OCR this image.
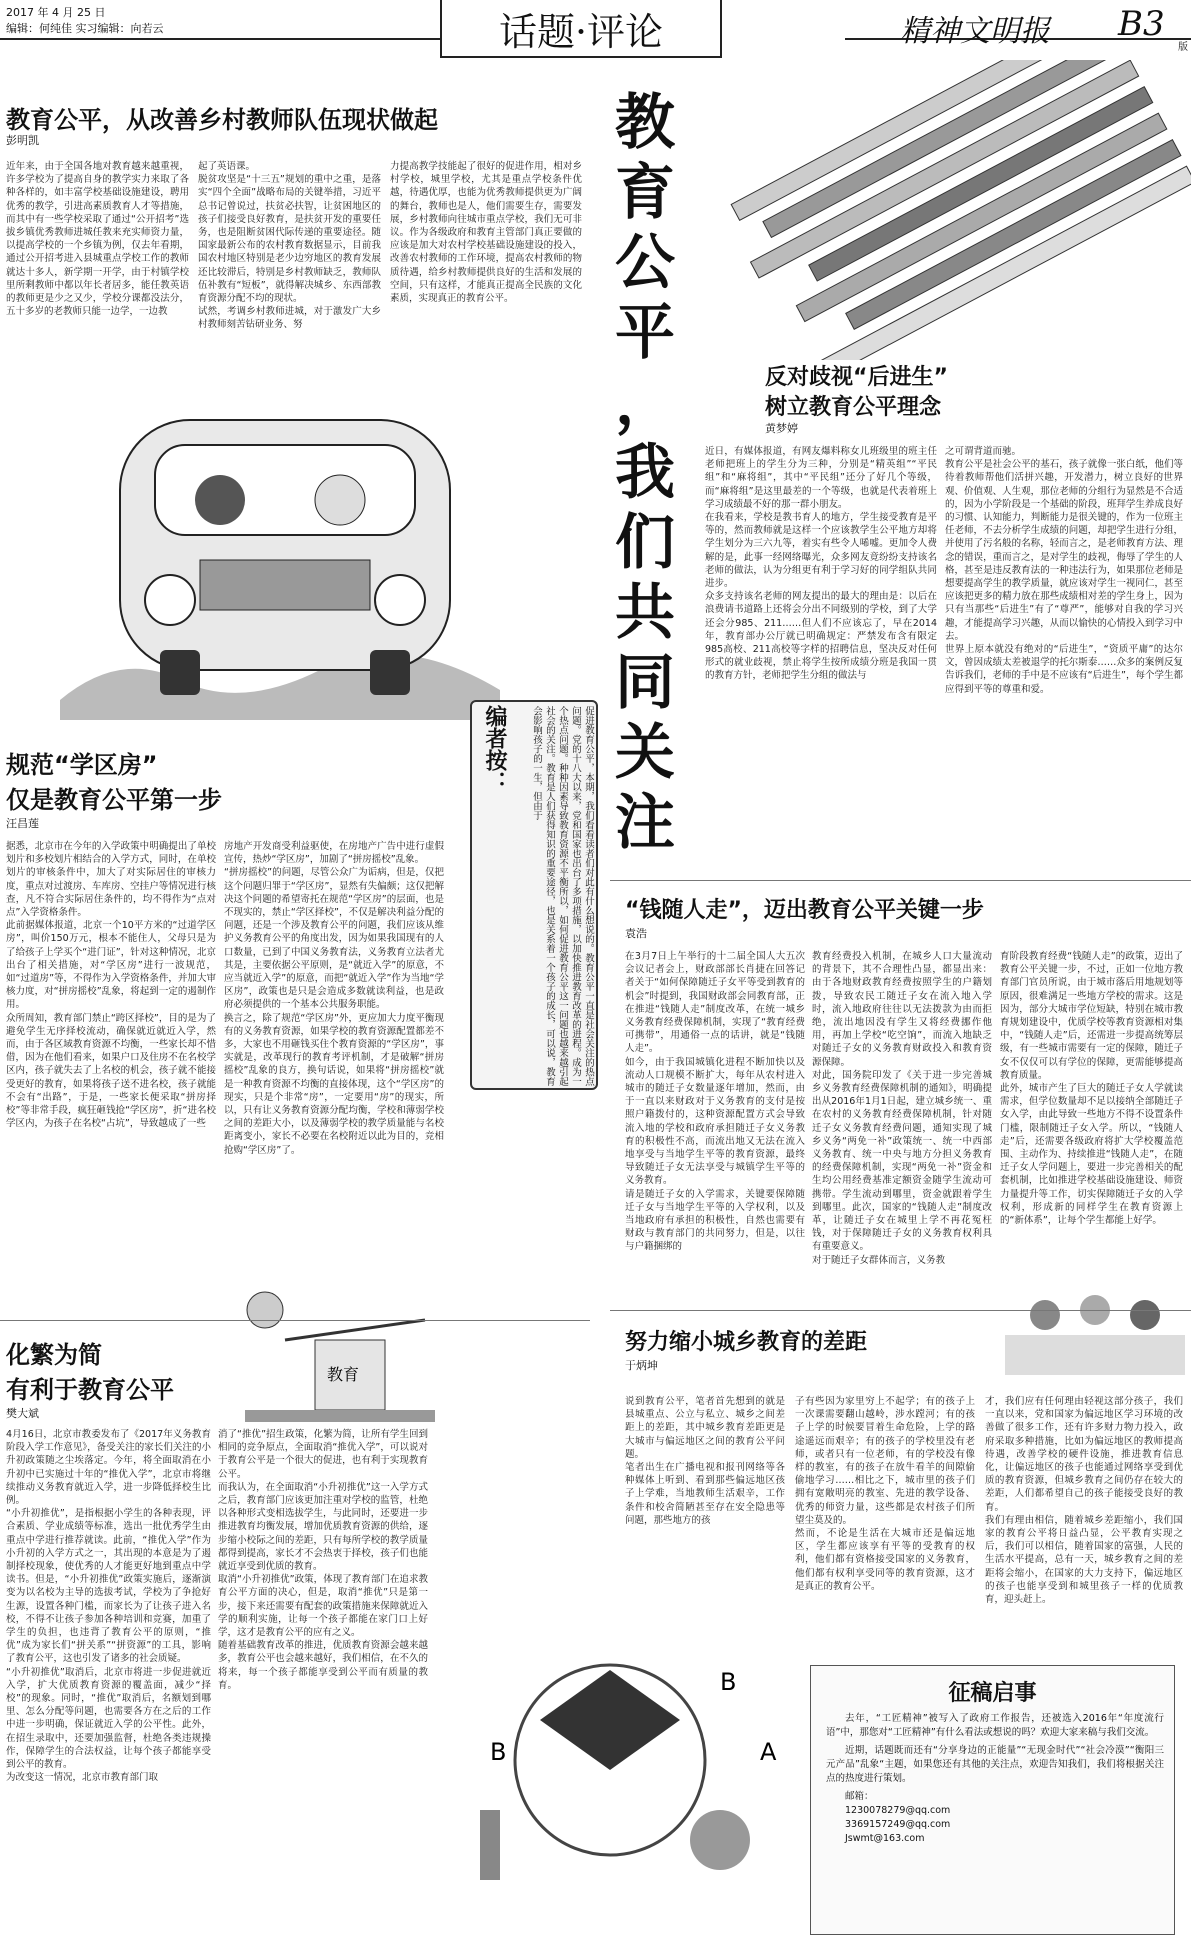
2017 年 4 月 25 日
编辑：何纯佳 实习编辑：向若云	话题·评论	精神文明报 B3
版
教
育
公
平
，
我
们
共
同
关
注
教育公平，从改善乡村教师队伍现状做起
彭明凯
近年来，由于全国各地对教育越来越重视，许多学校为了提高自身的教学实力来取了各种各样的，如丰富学校基础设施建设，聘用优秀的教学，引进高素质教育人才等措施，而其中有一些学校采取了通过“公开招考”选拔乡镇优秀教师进城任教来充实师资力量，以提高学校的一个乡镇为例，仅去年看期，通过公开招考进入县城重点学校工作的教师就达十多人，新学期一开学，由于村镇学校里所剩教师中都以年长者居多，能任教英语的教师更是少之又少，学校分课都没法分，五十多岁的老教师只能一边学，一边教
起了英语课。
脱贫攻坚是“十三五”规划的重中之重，是落实“四个全面”战略布局的关键举措，习近平总书记曾说过，扶贫必扶智，让贫困地区的孩子们接受良好教育，是扶贫开发的重要任务，也是阻断贫困代际传递的重要途径。随国家最新公布的农村教育数据显示，目前我国农村地区特别是老少边穷地区的教育发展还比较滞后，特别是乡村教师缺乏，教师队伍补教有“短板”，就得解决城乡、东西部教育资源分配不均的现状。
试然，考调乡村教师进城，对于激发广大乡村教师刻苦钻研业务、努
力提高教学技能起了很好的促进作用，相对乡村学校，城里学校，尤其是重点学校条件优越，待遇优厚，也能为优秀教师提供更为广阔的舞台，教师也是人，他们需要生存，需要发展，乡村教师向往城市重点学校，我们无可非议。作为各级政府和教育主管部门真正要做的应该是加大对农村学校基础设施建设的投入，改善农村教师的工作环境，提高农村教师的物质待遇，给乡村教师提供良好的生活和发展的空间，只有这样，才能真正提高全民族的文化素质，实现真正的教育公平。
编者按：	促进教育公平，本期，我们看看读者们对此有什么想说的。教育公平一直是社会关注的热点问题。党的十八大以来，党和国家也出台了多项措施，以加快推进教育改革的进程。成为一个热点问题。种种因素导致教育资源不平衡所以，如何促进教育公平这一问题也越来越引起社会的关注。教育是人们获得知识的重要途径，也是关系着一个孩子的成长，可以说，教育会影响孩子的一生，但由于
反对歧视“后进生”
树立教育公平理念
黄梦婷
近日，有媒体报道，有网友爆料称女儿班级里的班主任老师把班上的学生分为三种，分别是“精英组”“平民组”和“麻将组”，其中“平民组”还分了好几个等级，而“麻将组”是这里最差的一个等级，也就是代表着班上学习成绩最不好的那一群小朋友。
在我看来，学校是教书育人的地方，学生接受教育是平等的，然而教师就是这样一个应该教学生公平地方却将学生划分为三六九等，着实有些令人唏嘘。更加令人费解的是，此事一经网络曝光，众多网友竟纷纷支持该名老师的做法，认为分组更有利于学习好的同学组队共同进步。
众多支持该名老师的网友提出的最大的理由是：以后在浪费请书道路上还将会分出不同级别的学校，到了大学还会分985、211……但人们不应该忘了，早在2014年，教育部办公厅就已明确规定：严禁发布含有限定985高校、211高校等字样的招聘信息，坚决反对任何形式的就业歧视，禁止将学生按所成绩分班是我国一贯的教育方针，老师把学生分组的做法与
之可谓背道而驰。
教育公平是社会公平的基石，孩子就像一张白纸，他们等待着教师帮他们活拼兴趣，开发潜力，树立良好的世界观、价值观、人生观，那位老师的分组行为显然是不合适的，因为小学阶段是一个基础的阶段，班拜学生养成良好的习惯、认知能力，判断能力是很关键的，作为一位班主任老师，不去分析学生成绩的问题，却把学生进行分组，并使用了污名般的名称，轻而言之，是老师教育方法、理念的错误，重而言之，是对学生的歧视，侮辱了学生的人格，甚至是违反教育法的一种违法行为，如果那位老师是想要提高学生的教学质量，就应该对学生一视同仁，甚至应该把更多的精力放在那些成绩相对差的学生身上，因为只有当那些“后进生”有了“尊严”，能够对自我的学习兴趣，才能提高学习兴趣，从而以愉快的心情投入到学习中去。
世界上原本就没有绝对的“后进生”，“资质平庸”的达尔文，曾因成绩太差被退学的托尔斯泰……众多的案例反复告诉我们，老师的手中是不应该有“后进生”，每个学生都应得到平等的尊重和爱。
规范“学区房”
仅是教育公平第一步
汪昌莲
据悉，北京市在今年的入学政策中明确提出了单校划片和多校划片相结合的入学方式，同时，在单校划片的审核条件中，加大了对实际居住的审核力度，重点对过渡房、车库房、空挂户等情况进行核查，凡不符合实际居住条件的，均不得作为“点对点”入学资格条件。
此前据媒体报道，北京一个10平方米的“过道学区房”，叫价150万元，根本不能住人，父母只是为了给孩子上学买个“进门证”，针对这种情况，北京出台了相关措施，对“学区房”进行一波规范，如“过道房”等，不得作为入学资格条件，并加大审核力度，对“拼房摇校”乱象，将起到一定的遏制作用。
众所周知，教育部门禁止“跨区择校”，目的是为了避免学生无序择校流动，确保就近就近入学，然而，由于各区域教育资源不均衡，一些家长却不惜借，因为在他们看来，如果户口及住房不在名校学区内，孩子就失去了上名校的机会，孩子就不能接受更好的教育，如果将孩子送不进名校，孩子就能不会有“出路”，于是，一些家长便采取“拼房择校”等非常手段，疯狂砸钱抢“学区房”，折“进名校学区内，为孩子在名校“占坑”，导致越成了一些
房地产开发商受利益驱使，在房地产广告中进行虚假宣传，热炒“学区房”，加剧了“拼房摇校”乱象。
“拼房摇校”的问题，尽管公众广为诟病，但是，仅把这个问题归罪于“学区房”，显然有失偏颇；这仅把解决这个问题的希望寄托在规范“学区房”的层面，也是不现实的，禁止“学区择校”，不仅是解决利益分配的问题，还是一个涉及教育公平的问题，我们应该从维护义务教育公平的角度出发，因为如果我国现有的人口数量，已到了中国义务教育法，义务教育立法者尤其是，主要依据公平原则，是“就近入学”的原意，不应当就近入学”的原意，而把“就近入学”作为当地“学区房”，政策也是只是会造成多数就读利益，也是政府必须提供的一个基本公共服务职能。
换言之，除了规范“学区房”外，更应加大力度平衡现有的义务教育资源，如果学校的教育资源配置都差不多，大家也不用砸钱买住个教育资源的“学区房”，事实就是，改革现行的教育考评机制，才是破解“拼房摇校”乱象的良方，换句话说，如果将“拼房摇校”就是一种教育资源不均衡的直接体现，这个“学区房”的现实，只是个非常“房”，一定要用“房”的现实，所以，只有让义务教育资源分配均衡，学校和薄弱学校之间的差距大小，以及薄弱学校的教学质量能与名校距离变小，家长不必要在名校附近以此为目的，竞相抢购“学区房”了。
“钱随人走”，迈出教育公平关键一步
袁浩
在3月7日上午举行的十二届全国人大五次会议记者会上，财政部部长肖捷在回答记者关于“如何保障随迁子女平等受到教育的机会”时提到，我国财政部会同教育部，正在推进“钱随人走”制度改革，在统一城乡义务教育经费保障机制，实现了“教育经费可携带”，用通俗一点的话讲，就是“钱随人走”。
如今，由于我国城镇化进程不断加快以及流动人口规模不断扩大，每年从农村进入城市的随迁子女数量逐年增加，然而，由于一直以来财政对于义务教育的支付是按照户籍拨付的，这种资源配置方式会导致流入地的学校和政府承担随迁子女义务教育的积极性不高，而流出地又无法在流入地享受与当地学生平等的教育资源，最终导致随迁子女无法享受与城镇学生平等的义务教育。
请是随迁子女的入学需求，关键要保障随迁子女与当地学生平等的入学权利，以及当地政府有承担的积极性，自然也需要有财政与教育部门的共同努力，但是，以往与户籍捆绑的
教育经费投入机制，在城乡人口大量流动的背景下，其不合理性凸显，都显出来：由于各地财政教育经费按照学生的户籍划拨，导致农民工随迁子女在流入地入学时，流入地政府往往以无法拨款为由而拒绝，流出地因没有学生又将经费挪作他用，再加上学校“吃空饷”，而流入地缺乏对随迁子女的义务教育财政投入和教育资源保障。
对此，国务院印发了《关于进一步完善城乡义务教育经费保障机制的通知》，明确提出从2016年1月1日起，建立城乡统一、重在农村的义务教育经费保障机制，针对随迁子女义务教育经费问题，通知实现了城乡义务“两免一补”政策统一、统一中西部义务教育、统一中央与地方分担义务教育的经费保障机制，实现“两免一补”资金和生均公用经费基准定额资金随学生流动可携带。学生流动到哪里，资金就跟着学生到哪里。此次，国家的“钱随人走”制度改革，让随迁子女在城里上学不再花冤枉钱，对于保障随迁子女的义务教育权利具有重要意义。
对于随迁子女群体而言，义务教
育阶段教育经费“钱随人走”的政策，迈出了教育公平关键一步，不过，正如一位地方教育部门官员所说，由于城市落后用地规划等原因，很难满足一些地方学校的需求。这是因为，部分大城市学位短缺，特别在城市教育规划建设中，优质学校等教育资源相对集中，“钱随人走”后，还需进一步提高统筹层级，有一些城市需要有一定的保障，随迁子女不仅仅可以有学位的保障，更需能够提高教育质量。
此外，城市产生了巨大的随迁子女人学就读需求，但学位数量却不足以接纳全部随迁子女入学，由此导致一些地方不得不设置条件门槛，限制随迁子女入学。所以，“钱随人走”后，还需要各级政府将扩大学校覆盖范围、主动作为、持续推进“钱随人走”，在随迁子女人学问题上，要进一步完善相关的配套机制，比如推进学校基础设施建设、师资力量提升等工作，切实保障随迁子女的入学权利，形成新的同样学生在教育资源上的“新体系”，让每个学生都能上好学。
教育
化繁为简
有利于教育公平
樊大斌
4月16日，北京市教委发布了《2017年义务教育阶段入学工作意见》，备受关注的家长们关注的小升初政策随之尘埃落定。今年，将全面取消在小升初中已实施过十年的“推优入学”，北京市将继续推动义务教育就近入学，进一步降低择校生比例。
“小升初推优”，是指根据小学生的各种表现，评合素质、学业成绩等标准，选出一批优秀学生由重点中学进行推荐就读。此前，“推优入学”作为小升初的入学方式之一，其出现的本意是为了遏制择校现象，使优秀的人才能更好地到重点中学读书。但是，“小升初推优”政策实施后，逐渐演变为以名校为主导的选拔考试，学校为了争抢好生源，设置各种门槛，而家长为了让孩子进入名校，不得不让孩子参加各种培训和竞赛，加重了学生的负担，也违背了教育公平的原则，“推优”成为家长们“拼关系”“拼资源”的工具，影响了教育公平，这也引发了诸多的社会质疑。
“小升初推优”取消后，北京市将进一步促进就近入学，扩大优质教育资源的覆盖面，减少“择校”的现象。同时，“推优”取消后，名额划到哪里、怎么分配等问题，也需要各方在之后的工作中进一步明确，保证就近入学的公平性。此外，在招生录取中，还要加强监督，杜绝各类违规操作，保障学生的合法权益，让每个孩子都能享受到公平的教育。
为改变这一情况，北京市教育部门取
消了“推优”招生政策，化繁为简，让所有学生回到相同的竞争原点，全面取消“推优入学”，可以说对于教育公平是一个很大的促进，也有利于实现教育公平。
而我认为，在全面取消“小升初推优”这一入学方式之后，教育部门应该更加注重对学校的监管，杜绝以各种形式变相选拔学生，与此同时，还要进一步推进教育均衡发展，增加优质教育资源的供给，逐步缩小校际之间的差距，只有每所学校的教学质量都得到提高，家长才不会热衷于择校，孩子们也能就近享受到优质的教育。
取消“小升初推优”政策，体现了教育部门在追求教育公平方面的决心，但是，取消“推优”只是第一步，接下来还需要有配套的政策措施来保障就近入学的顺利实施，让每一个孩子都能在家门口上好学，这才是教育公平的应有之义。
随着基础教育改革的推进，优质教育资源会越来越多，教育公平也会越来越好，我们相信，在不久的将来，每一个孩子都能享受到公平而有质量的教育。	B
A
B
努力缩小城乡教育的差距
于炳坤
说到教育公平，笔者首先想到的就是县城重点、公立与私立、城乡之间差距上的差距，其中城乡教育差距更是大城市与偏远地区之间的教育公平问题。
笔者出生在广播电视和报刊网络等各种媒体上听到、看到那些偏远地区孩子上学难，当地教师生活艰辛，工作条件和校舍简陋甚至存在安全隐患等问题，那些地方的孩
子有些因为家里穷上不起学；有的孩子上一次课需要翻山越岭，涉水蹚河；有的孩子上学的时候要冒着生命危险，上学的路途遥远而艰辛；有的孩子的学校里没有老师，或者只有一位老师，有的学校没有像样的教室，有的孩子在放牛看羊的间隙偷偷地学习……相比之下，城市里的孩子们拥有宽敞明亮的教室、先进的教学设备、优秀的师资力量，这些都是农村孩子们所望尘莫及的。
然而，不论是生活在大城市还是偏远地区，学生都应该享有平等的受教育的权利，他们都有资格接受国家的义务教育，他们都有权利享受同等的教育资源，这才是真正的教育公平。
才，我们应有任何理由轻视这部分孩子，我们一直以来，党和国家为偏远地区学习环境的改善做了很多工作，还有许多财力物力投入，政府采取多种措施，比如为偏远地区的教师提高待遇，改善学校的硬件设施，推进教育信息化，让偏远地区的孩子也能通过网络享受到优质的教育资源，但城乡教育之间仍存在较大的差距，人们都希望自己的孩子能接受良好的教育。
我们有理由相信，随着城乡差距缩小，我们国家的教育公平将日益凸显，公平教育实现之后，我们可以相信，随着国家的富强，人民的生活水平提高，总有一天，城乡教育之间的差距将会缩小，在国家的大力支持下，偏远地区的孩子也能享受到和城里孩子一样的优质教育，迎头赶上。
征稿启事

去年，“工匠精神”被写入了政府工作报告，还被选入2016年“年度流行语”中，那您对“工匠精神”有什么看法或想说的吗？欢迎大家来稿与我们交流。

近期，话题既而还有“分享身边的正能量”“无现金时代”“社会冷漠”“衡阳三元产品”乱象“主题，如果您还有其他的关注点，欢迎告知我们，我们将根据关注点的热度进行策划。

邮箱：

1230078279@qq.com

3369157249@qq.com

Jswmt@163.com
